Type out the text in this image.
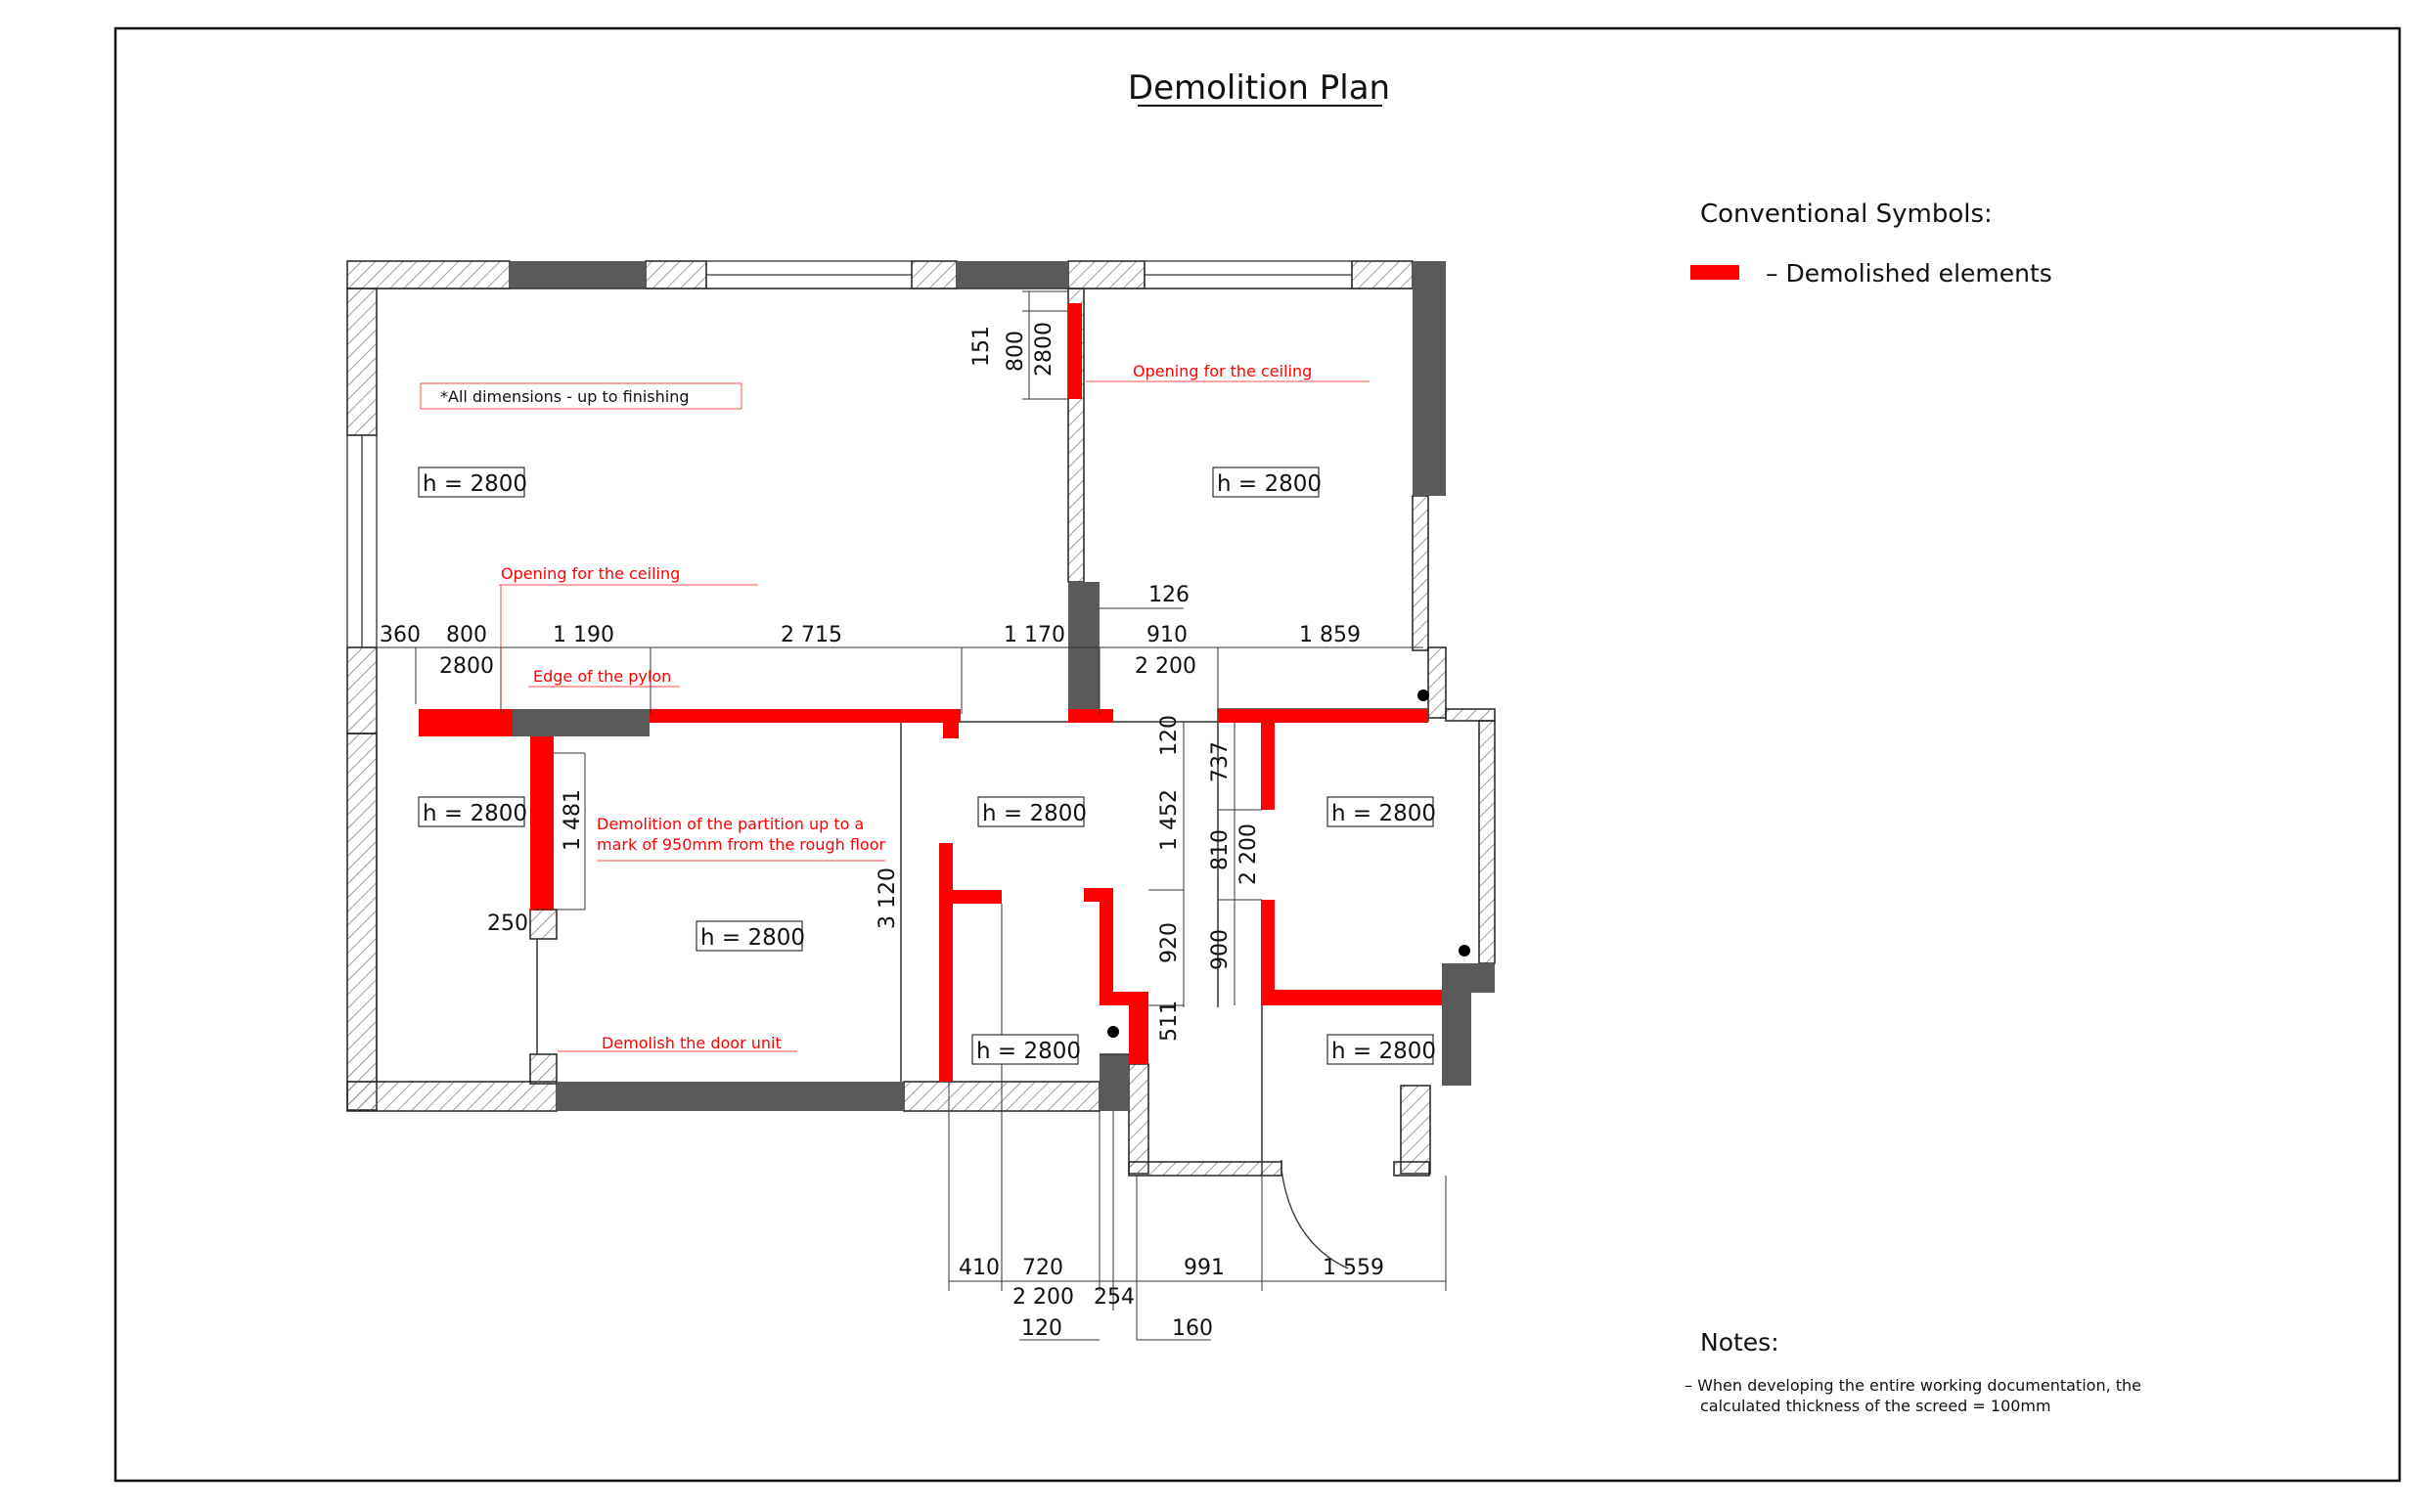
Demolition Plan
Conventional Symbols:
– Demolished elements
Notes:
– When developing the entire working documentation, the
calculated thickness of the screed = 100mm
h = 2800	h = 2800
h = 2800	h = 2800	h = 2800
h = 2800
h = 2800	h = 2800
*All dimensions - up to finishing
Opening for the ceiling
Opening for the ceiling
Edge of the pylon
Demolition of the partition up to a
mark of 950mm from the rough floor
Demolish the door unit
360 800	1 190	2 715	1 170	910	1 859
2800	2 200
126
151 800 2800
120
1 452
3 120
1 481
250	920
511
737
810 2 200
900
410 720
2 200 254
991	1 559
120	160
